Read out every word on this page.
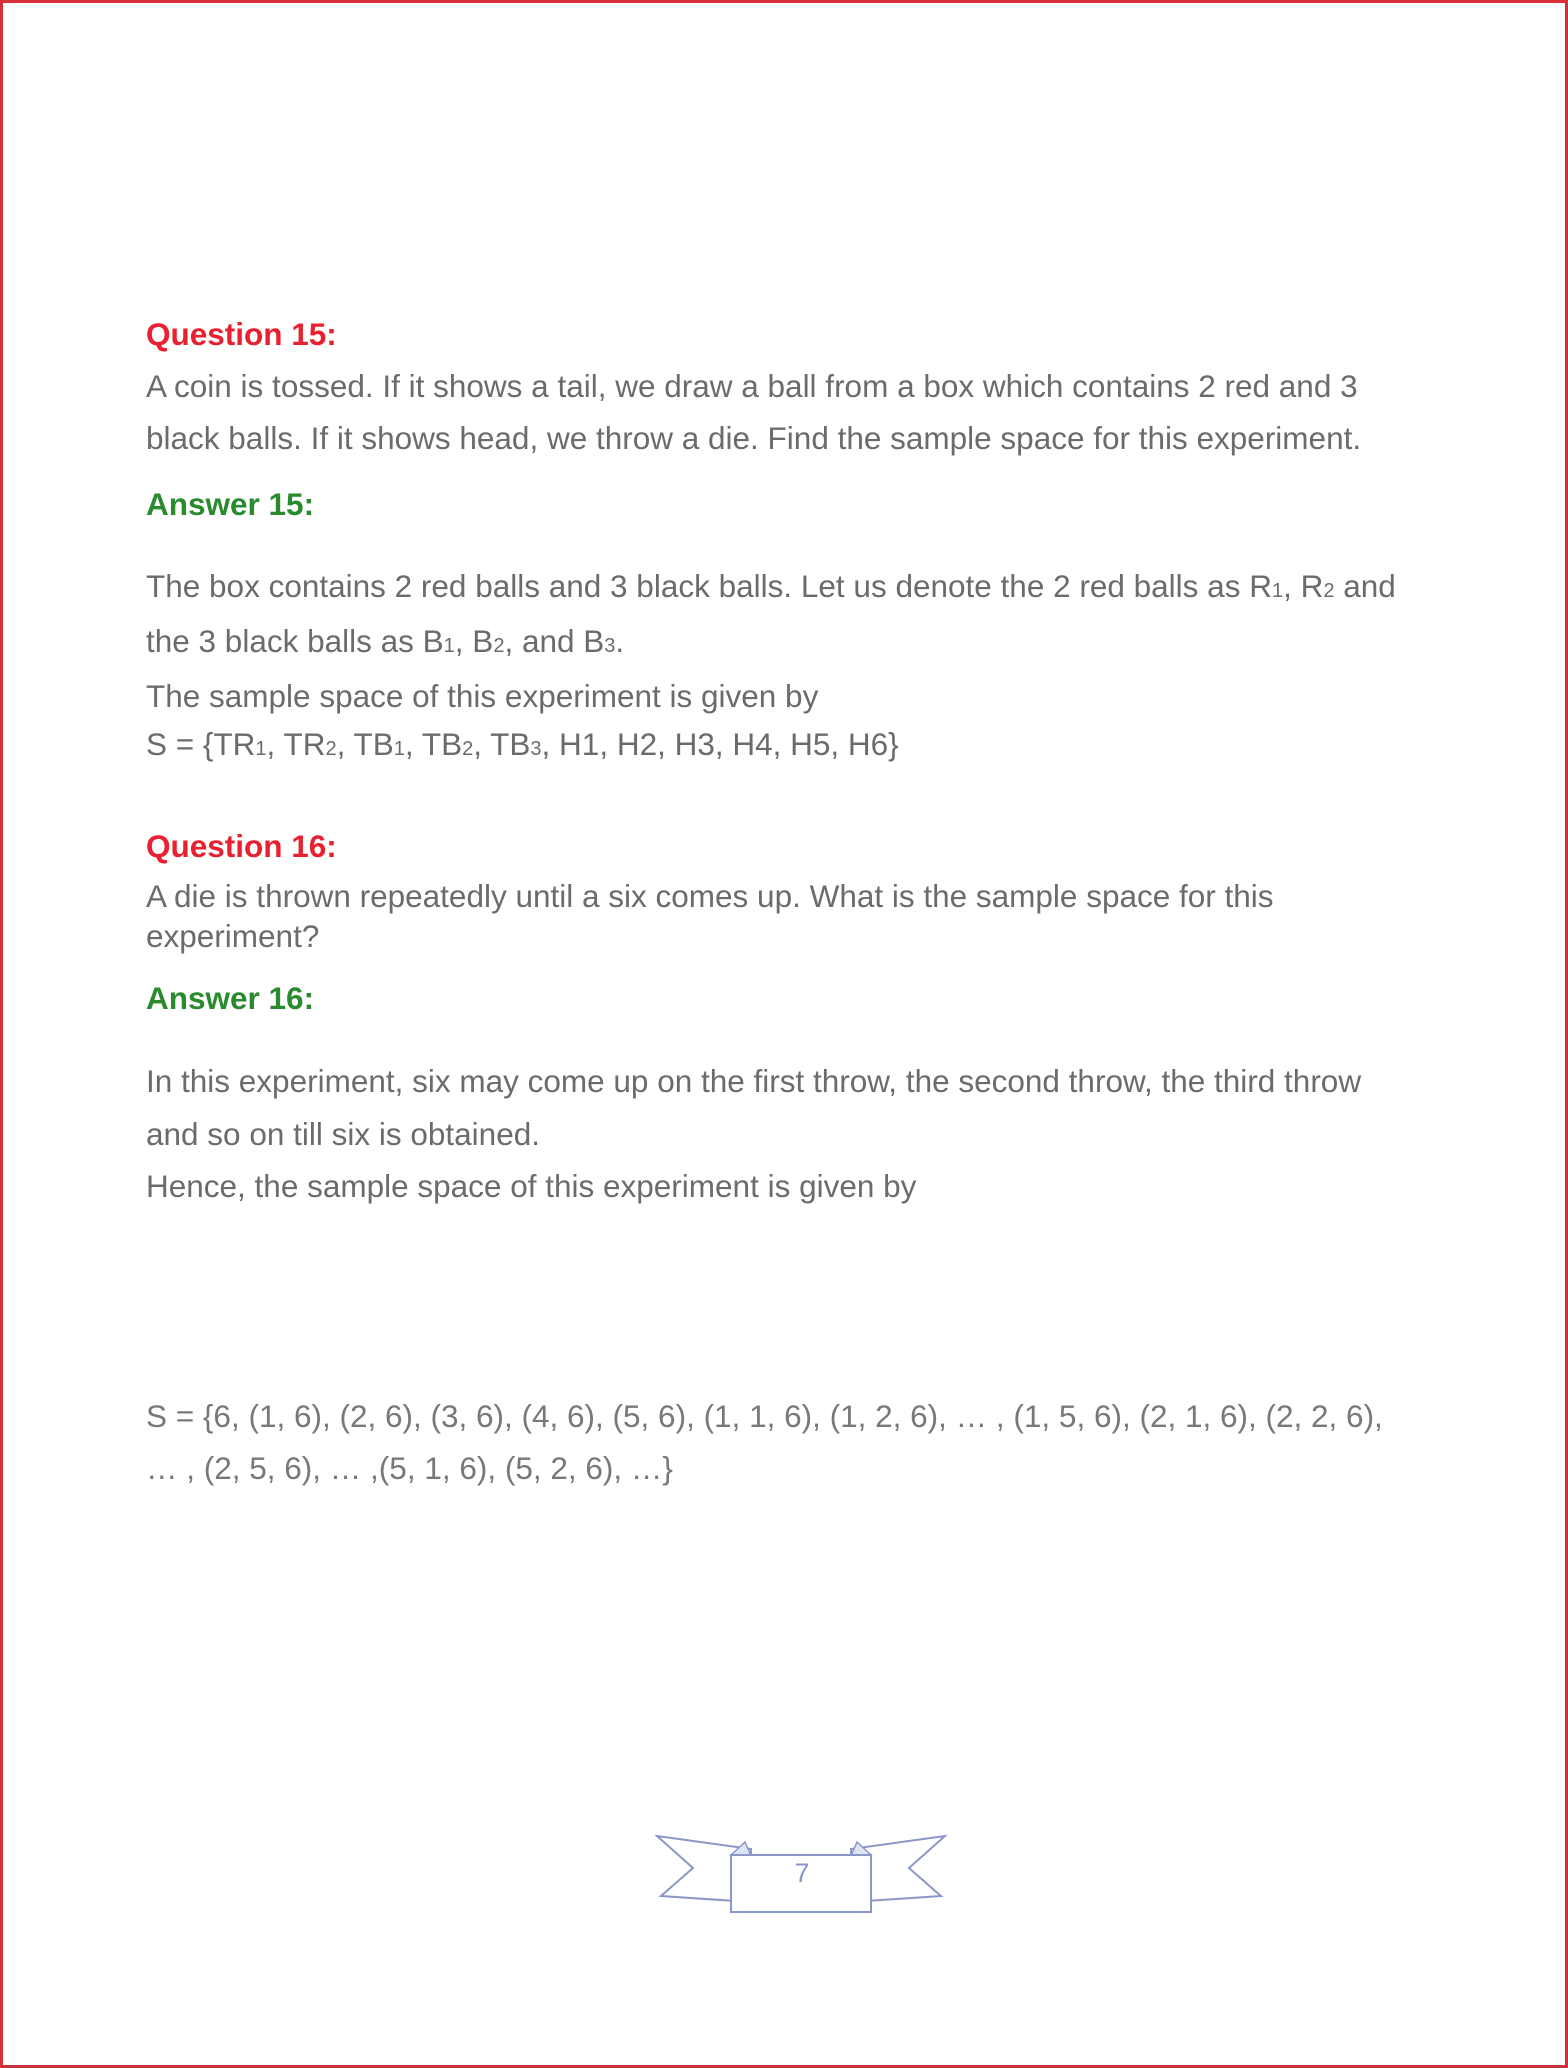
Question 15:
A coin is tossed. If it shows a tail, we draw a ball from a box which contains 2 red and 3
black balls. If it shows head, we throw a die. Find the sample space for this experiment.
Answer 15:
The box contains 2 red balls and 3 black balls. Let us denote the 2 red balls as R1, R2 and
the 3 black balls as B1, B2, and B3.
The sample space of this experiment is given by
S = {TR1, TR2, TB1, TB2, TB3, H1, H2, H3, H4, H5, H6}
Question 16:
A die is thrown repeatedly until a six comes up. What is the sample space for this
experiment?
Answer 16:
In this experiment, six may come up on the first throw, the second throw, the third throw
and so on till six is obtained.
Hence, the sample space of this experiment is given by
S = {6, (1, 6), (2, 6), (3, 6), (4, 6), (5, 6), (1, 1, 6), (1, 2, 6), … , (1, 5, 6), (2, 1, 6), (2, 2, 6),
… , (2, 5, 6), … ,(5, 1, 6), (5, 2, 6), …}
7
